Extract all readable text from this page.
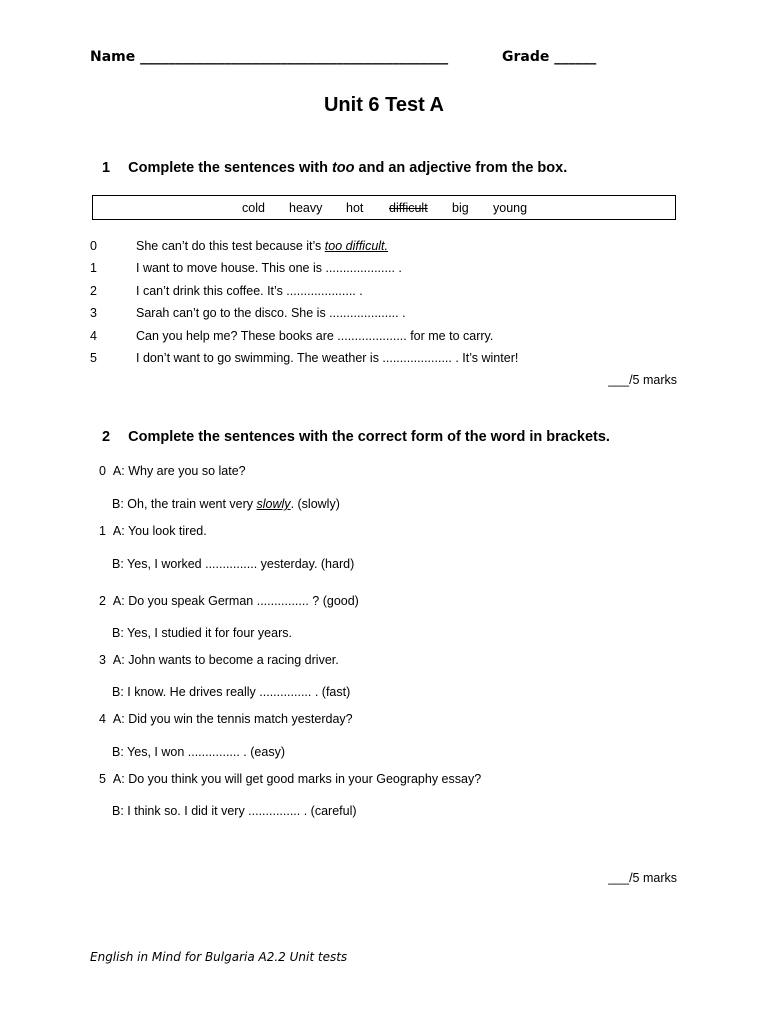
Name ____________________________________________	Grade ______
Unit 6 Test A
1 Complete the sentences with too and an adjective from the box.
cold heavy hot difficult big young
0	She can’t do this test because it’s too difficult.
1	I want to move house. This one is .................... .
2	I can’t drink this coffee. It’s .................... .
3	Sarah can’t go to the disco. She is .................... .
4	Can you help me? These books are .................... for me to carry.
5	I don’t want to go swimming. The weather is .................... . It’s winter!
___/5 marks
2 Complete the sentences with the correct form of the word in brackets.
0 A: Why are you so late?
B: Oh, the train went very slowly. (slowly)
1 A: You look tired.
B: Yes, I worked ............... yesterday. (hard)
2 A: Do you speak German ............... ? (good)
B: Yes, I studied it for four years.
3 A: John wants to become a racing driver.
B: I know. He drives really ............... . (fast)
4 A: Did you win the tennis match yesterday?
B: Yes, I won ............... . (easy)
5 A: Do you think you will get good marks in your Geography essay?
B: I think so. I did it very ............... . (careful)
___/5 marks
English in Mind for Bulgaria A2.2 Unit tests
